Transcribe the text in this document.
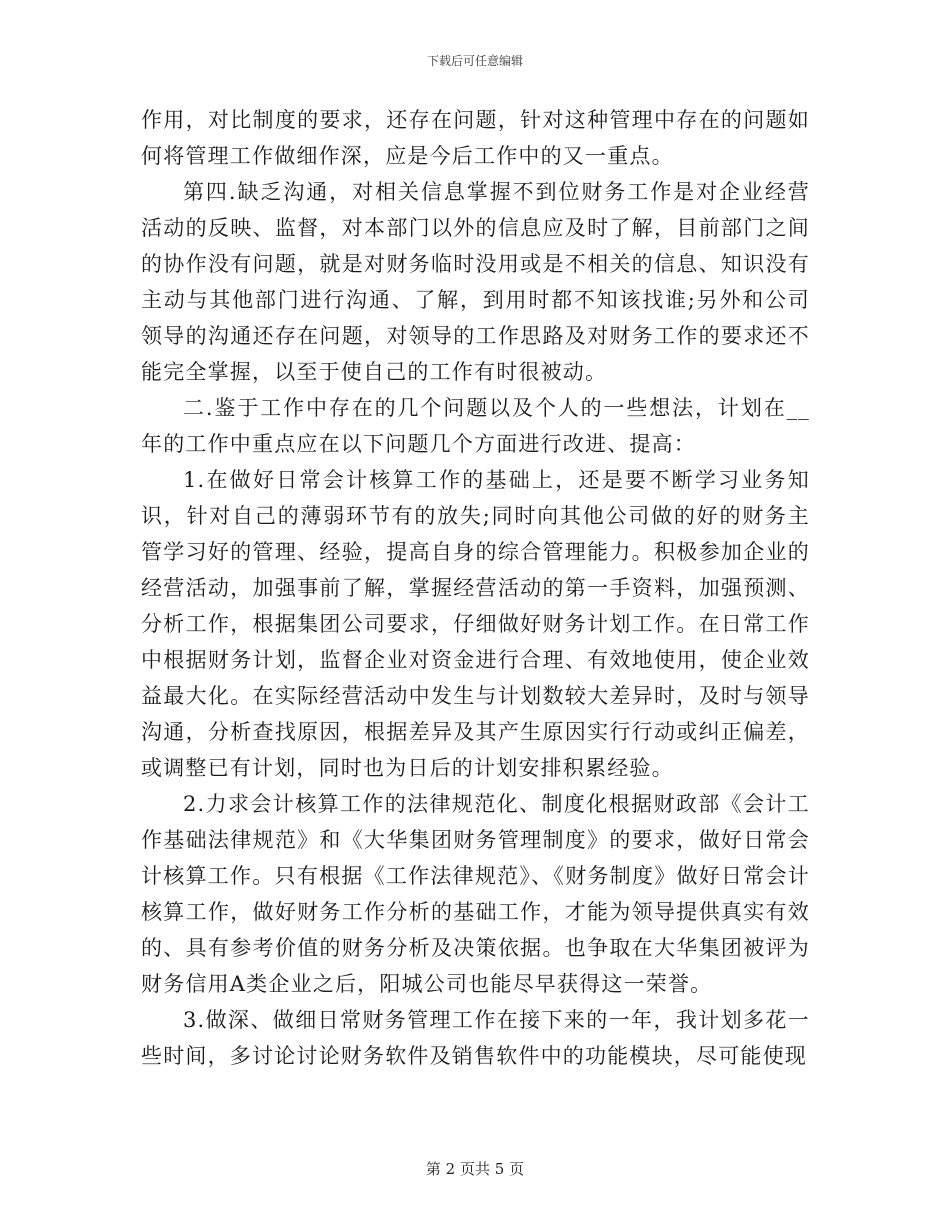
下载后可任意编辑

作用，对比制度的要求，还存在问题，针对这种管理中存在的问题如何将管理工作做细作深，应是今后工作中的又一重点。

第四.缺乏沟通，对相关信息掌握不到位财务工作是对企业经营活动的反映、监督，对本部门以外的信息应及时了解，目前部门之间的协作没有问题，就是对财务临时没用或是不相关的信息、知识没有主动与其他部门进行沟通、了解，到用时都不知该找谁;另外和公司领导的沟通还存在问题，对领导的工作思路及对财务工作的要求还不能完全掌握，以至于使自己的工作有时很被动。

二.鉴于工作中存在的几个问题以及个人的一些想法，计划在__年的工作中重点应在以下问题几个方面进行改进、提高：

1.在做好日常会计核算工作的基础上，还是要不断学习业务知识，针对自己的薄弱环节有的放失;同时向其他公司做的好的财务主管学习好的管理、经验，提高自身的综合管理能力。积极参加企业的经营活动，加强事前了解，掌握经营活动的第一手资料，加强预测、分析工作，根据集团公司要求，仔细做好财务计划工作。在日常工作中根据财务计划，监督企业对资金进行合理、有效地使用，使企业效益最大化。在实际经营活动中发生与计划数较大差异时，及时与领导沟通，分析查找原因，根据差异及其产生原因实行行动或纠正偏差，或调整已有计划，同时也为日后的计划安排积累经验。

2.力求会计核算工作的法律规范化、制度化根据财政部《会计工作基础法律规范》和《大华集团财务管理制度》的要求，做好日常会计核算工作。只有根据《工作法律规范》、《财务制度》做好日常会计核算工作，做好财务工作分析的基础工作，才能为领导提供真实有效的、具有参考价值的财务分析及决策依据。也争取在大华集团被评为财务信用A类企业之后，阳城公司也能尽早获得这一荣誉。

3.做深、做细日常财务管理工作在接下来的一年，我计划多花一些时间，多讨论讨论财务软件及销售软件中的功能模块，尽可能使现

第 2 页共 5 页
